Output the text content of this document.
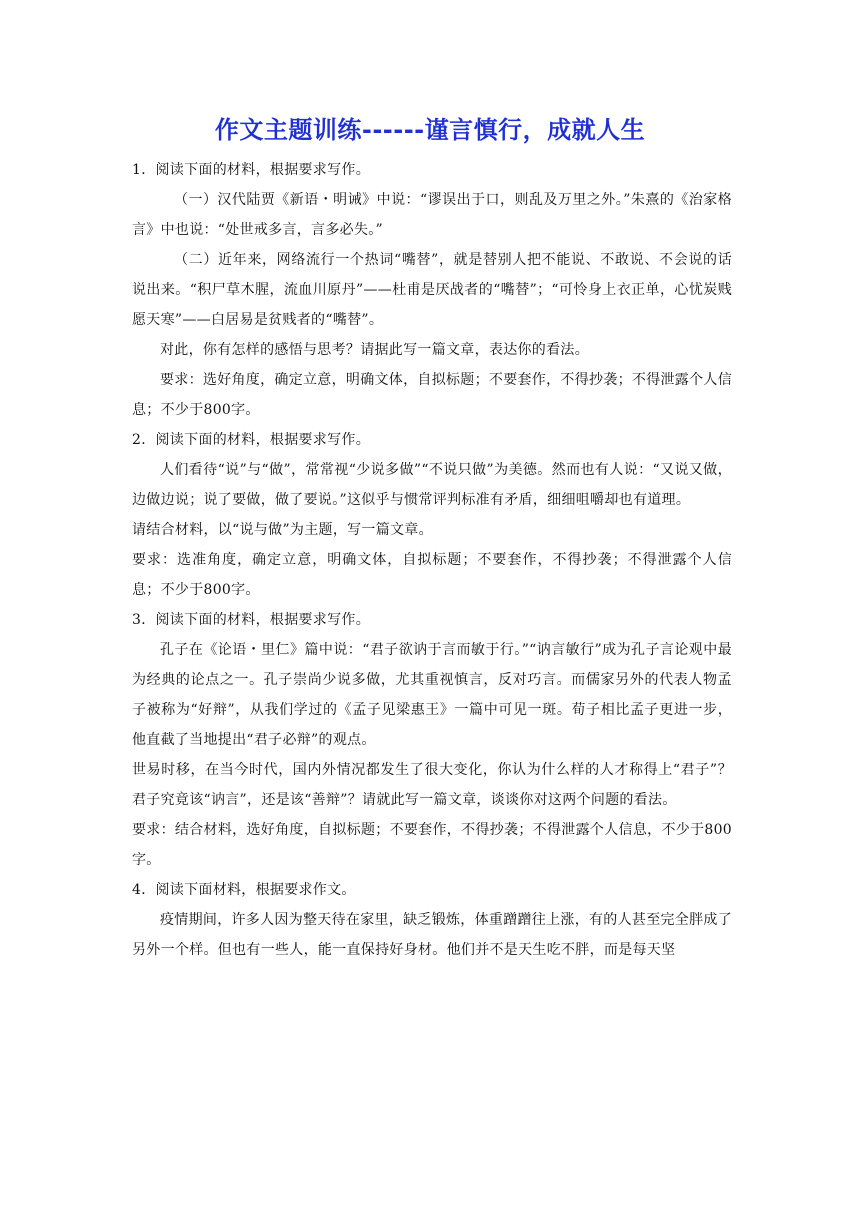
作文主题训练------谨言慎行，成就人生

1．阅读下面的材料，根据要求写作。

（一）汉代陆贾《新语・明诫》中说：“谬误出于口，则乱及万里之外。”朱熹的《治家格言》中也说：“处世戒多言，言多必失。”

（二）近年来，网络流行一个热词“嘴替”，就是替别人把不能说、不敢说、不会说的话说出来。“积尸草木腥，流血川原丹”——杜甫是厌战者的“嘴替”；“可怜身上衣正单，心忧炭贱愿天寒”——白居易是贫贱者的“嘴替”。

对此，你有怎样的感悟与思考？请据此写一篇文章，表达你的看法。

要求：选好角度，确定立意，明确文体，自拟标题；不要套作，不得抄袭；不得泄露个人信息；不少于800字。

2．阅读下面的材料，根据要求写作。

人们看待“说”与“做”，常常视“少说多做”“不说只做”为美德。然而也有人说：“又说又做，边做边说；说了要做，做了要说。”这似乎与惯常评判标准有矛盾，细细咀嚼却也有道理。

请结合材料，以“说与做”为主题，写一篇文章。

要求：选准角度，确定立意，明确文体，自拟标题；不要套作，不得抄袭；不得泄露个人信息；不少于800字。

3．阅读下面的材料，根据要求写作。

孔子在《论语・里仁》篇中说：“君子欲讷于言而敏于行。”“讷言敏行”成为孔子言论观中最为经典的论点之一。孔子崇尚少说多做，尤其重视慎言，反对巧言。而儒家另外的代表人物孟子被称为“好辩”，从我们学过的《孟子见梁惠王》一篇中可见一斑。荀子相比孟子更进一步，他直截了当地提出“君子必辩”的观点。

世易时移，在当今时代，国内外情况都发生了很大变化，你认为什么样的人才称得上“君子”？君子究竟该“讷言”，还是该“善辩”？请就此写一篇文章，谈谈你对这两个问题的看法。

要求：结合材料，选好角度，自拟标题；不要套作，不得抄袭；不得泄露个人信息，不少于800字。

4．阅读下面材料，根据要求作文。

疫情期间，许多人因为整天待在家里，缺乏锻炼，体重蹭蹭往上涨，有的人甚至完全胖成了另外一个样。但也有一些人，能一直保持好身材。他们并不是天生吃不胖，而是每天坚
